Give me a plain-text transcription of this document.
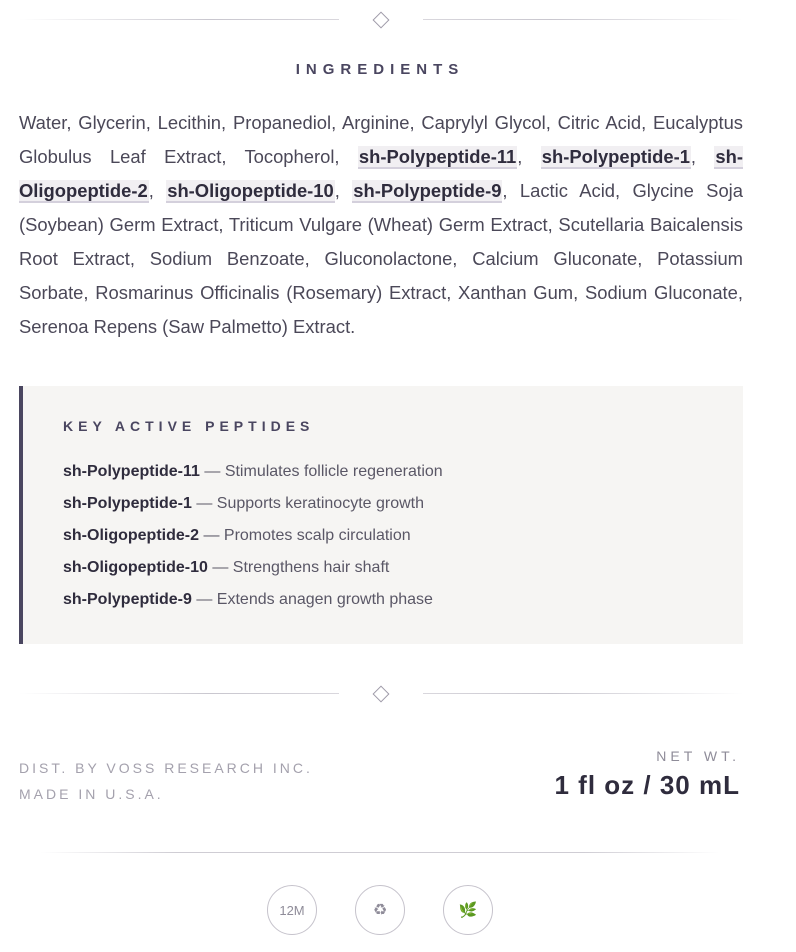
INGREDIENTS
Water, Glycerin, Lecithin, Propanediol, Arginine, Caprylyl Glycol, Citric Acid, Eucalyptus Globulus Leaf Extract, Tocopherol, sh-Polypeptide-11, sh-Polypeptide-1, sh-Oligopeptide-2, sh-Oligopeptide-10, sh-Polypeptide-9, Lactic Acid, Glycine Soja (Soybean) Germ Extract, Triticum Vulgare (Wheat) Germ Extract, Scutellaria Baicalensis Root Extract, Sodium Benzoate, Gluconolactone, Calcium Gluconate, Potassium Sorbate, Rosmarinus Officinalis (Rosemary) Extract, Xanthan Gum, Sodium Gluconate, Serenoa Repens (Saw Palmetto) Extract.
KEY ACTIVE PEPTIDES
sh-Polypeptide-11 — Stimulates follicle regeneration
sh-Polypeptide-1 — Supports keratinocyte growth
sh-Oligopeptide-2 — Promotes scalp circulation
sh-Oligopeptide-10 — Strengthens hair shaft
sh-Polypeptide-9 — Extends anagen growth phase
DIST. BY VOSS RESEARCH INC.
MADE IN U.S.A.
NET WT.
1 fl oz / 30 mL
12M	♻	🌿
